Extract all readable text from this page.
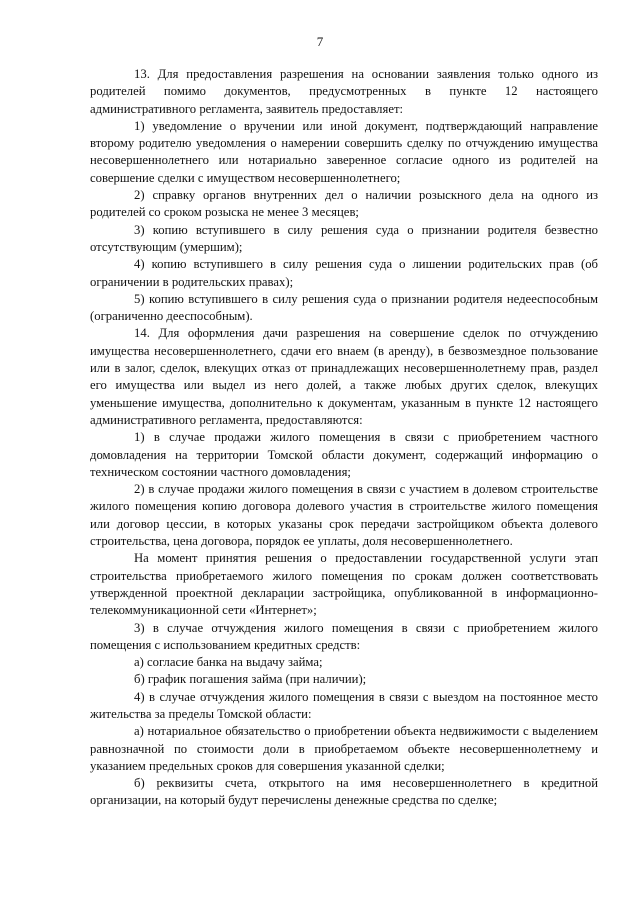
7

13. Для предоставления разрешения на основании заявления только одного из родителей помимо документов, предусмотренных в пункте 12 настоящего административного регламента, заявитель предоставляет:

1) уведомление о вручении или иной документ, подтверждающий направление второму родителю уведомления о намерении совершить сделку по отчуждению имущества несовершеннолетнего или нотариально заверенное согласие одного из родителей на совершение сделки с имуществом несовершеннолетнего;

2) справку органов внутренних дел о наличии розыскного дела на одного из родителей со сроком розыска не менее 3 месяцев;

3) копию вступившего в силу решения суда о признании родителя безвестно отсутствующим (умершим);

4) копию вступившего в силу решения суда о лишении родительских прав (об ограничении в родительских правах);

5) копию вступившего в силу решения суда о признании родителя недееспособным (ограниченно дееспособным).

14. Для оформления дачи разрешения на совершение сделок по отчуждению имущества несовершеннолетнего, сдачи его внаем (в аренду), в безвозмездное пользование или в залог, сделок, влекущих отказ от принадлежащих несовершеннолетнему прав, раздел его имущества или выдел из него долей, а также любых других сделок, влекущих уменьшение имущества, дополнительно к документам, указанным в пункте 12 настоящего административного регламента, предоставляются:

1) в случае продажи жилого помещения в связи с приобретением частного домовладения на территории Томской области документ, содержащий информацию о техническом состоянии частного домовладения;

2) в случае продажи жилого помещения в связи с участием в долевом строительстве жилого помещения копию договора долевого участия в строительстве жилого помещения или договор цессии, в которых указаны срок передачи застройщиком объекта долевого строительства, цена договора, порядок ее уплаты, доля несовершеннолетнего.

На момент принятия решения о предоставлении государственной услуги этап строительства приобретаемого жилого помещения по срокам должен соответствовать утвержденной проектной декларации застройщика, опубликованной в информационно-телекоммуникационной сети «Интернет»;

3) в случае отчуждения жилого помещения в связи с приобретением жилого помещения с использованием кредитных средств:

а) согласие банка на выдачу займа;

б) график погашения займа (при наличии);

4) в случае отчуждения жилого помещения в связи с выездом на постоянное место жительства за пределы Томской области:

а) нотариальное обязательство о приобретении объекта недвижимости с выделением равнозначной по стоимости доли в приобретаемом объекте несовершеннолетнему и указанием предельных сроков для совершения указанной сделки;

б) реквизиты счета, открытого на имя несовершеннолетнего в кредитной организации, на который будут перечислены денежные средства по сделке;
